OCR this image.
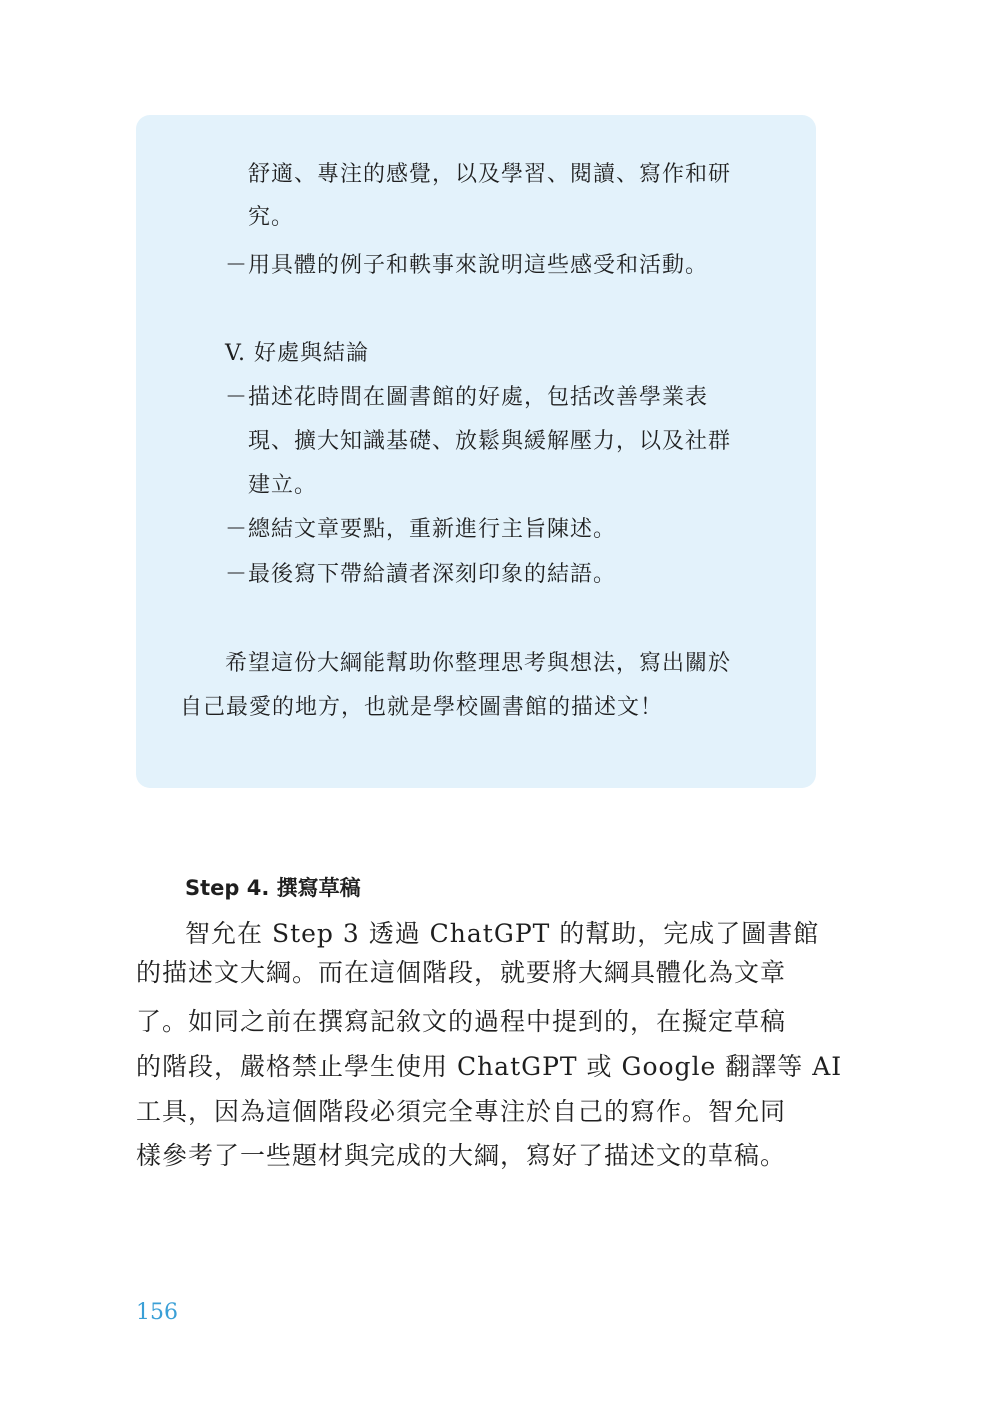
舒適、專注的感覺，以及學習、閱讀、寫作和研
究。
－用具體的例子和軼事來說明這些感受和活動。
V. 好處與結論
－描述花時間在圖書館的好處，包括改善學業表
現、擴大知識基礎、放鬆與緩解壓力，以及社群
建立。
－總結文章要點，重新進行主旨陳述。
－最後寫下帶給讀者深刻印象的結語。
希望這份大綱能幫助你整理思考與想法，寫出關於
自己最愛的地方，也就是學校圖書館的描述文！
Step 4. 撰寫草稿
智允在 Step 3 透過 ChatGPT 的幫助，完成了圖書館
的描述文大綱。而在這個階段，就要將大綱具體化為文章
了。如同之前在撰寫記敘文的過程中提到的，在擬定草稿
的階段，嚴格禁止學生使用 ChatGPT 或 Google 翻譯等 AI
工具，因為這個階段必須完全專注於自己的寫作。智允同
樣參考了一些題材與完成的大綱，寫好了描述文的草稿。
156
